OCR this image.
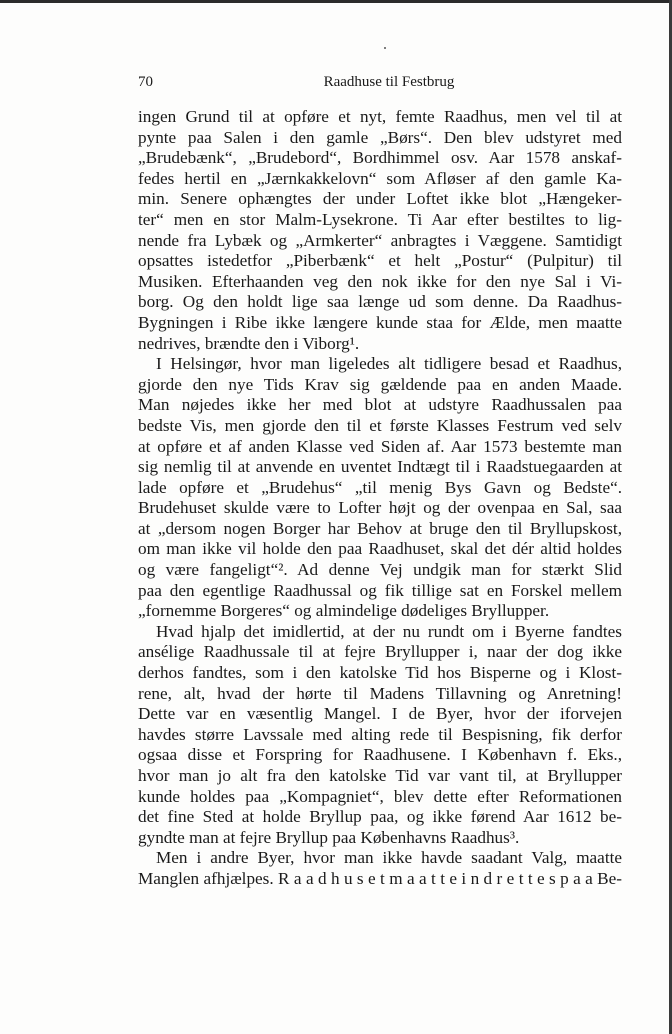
70	Raadhuse til Festbrug
ingen Grund til at opføre et nyt, femte Raadhus, men vel til at
pynte paa Salen i den gamle „Børs“. Den blev udstyret med
„Brudebænk“, „Brudebord“, Bordhimmel osv. Aar 1578 anskaf-
fedes hertil en „Jærnkakkelovn“ som Afløser af den gamle Ka-
min. Senere ophængtes der under Loftet ikke blot „Hængeker-
ter“ men en stor Malm-Lysekrone. Ti Aar efter bestiltes to lig-
nende fra Lybæk og „Armkerter“ anbragtes i Væggene. Samtidigt
opsattes istedetfor „Piberbænk“ et helt „Postur“ (Pulpitur) til
Musiken. Efterhaanden veg den nok ikke for den nye Sal i Vi-
borg. Og den holdt lige saa længe ud som denne. Da Raadhus-
Bygningen i Ribe ikke længere kunde staa for Ælde, men maatte
nedrives, brændte den i Viborg¹.
I Helsingør, hvor man ligeledes alt tidligere besad et Raadhus,
gjorde den nye Tids Krav sig gældende paa en anden Maade.
Man nøjedes ikke her med blot at udstyre Raadhussalen paa
bedste Vis, men gjorde den til et første Klasses Festrum ved selv
at opføre et af anden Klasse ved Siden af. Aar 1573 bestemte man
sig nemlig til at anvende en uventet Indtægt til i Raadstuegaarden at
lade opføre et „Brudehus“ „til menig Bys Gavn og Bedste“.
Brudehuset skulde være to Lofter højt og der ovenpaa en Sal, saa
at „dersom nogen Borger har Behov at bruge den til Bryllupskost,
om man ikke vil holde den paa Raadhuset, skal det dér altid holdes
og være fangeligt“². Ad denne Vej undgik man for stærkt Slid
paa den egentlige Raadhussal og fik tillige sat en Forskel mellem
„fornemme Borgeres“ og almindelige dødeliges Bryllupper.
Hvad hjalp det imidlertid, at der nu rundt om i Byerne fandtes
ansélige Raadhussale til at fejre Bryllupper i, naar der dog ikke
derhos fandtes, som i den katolske Tid hos Bisperne og i Klost-
rene, alt, hvad der hørte til Madens Tillavning og Anretning!
Dette var en væsentlig Mangel. I de Byer, hvor der iforvejen
havdes større Lavssale med alting rede til Bespisning, fik derfor
ogsaa disse et Forspring for Raadhusene. I København f. Eks.,
hvor man jo alt fra den katolske Tid var vant til, at Bryllupper
kunde holdes paa „Kompagniet“, blev dette efter Reformationen
det fine Sted at holde Bryllup paa, og ikke førend Aar 1612 be-
gyndte man at fejre Bryllup paa Københavns Raadhus³.
Men i andre Byer, hvor man ikke havde saadant Valg, maatte
Manglen afhjælpes. R a a d h u s e t m a a t t e i n d r e t t e s p a a Be-
